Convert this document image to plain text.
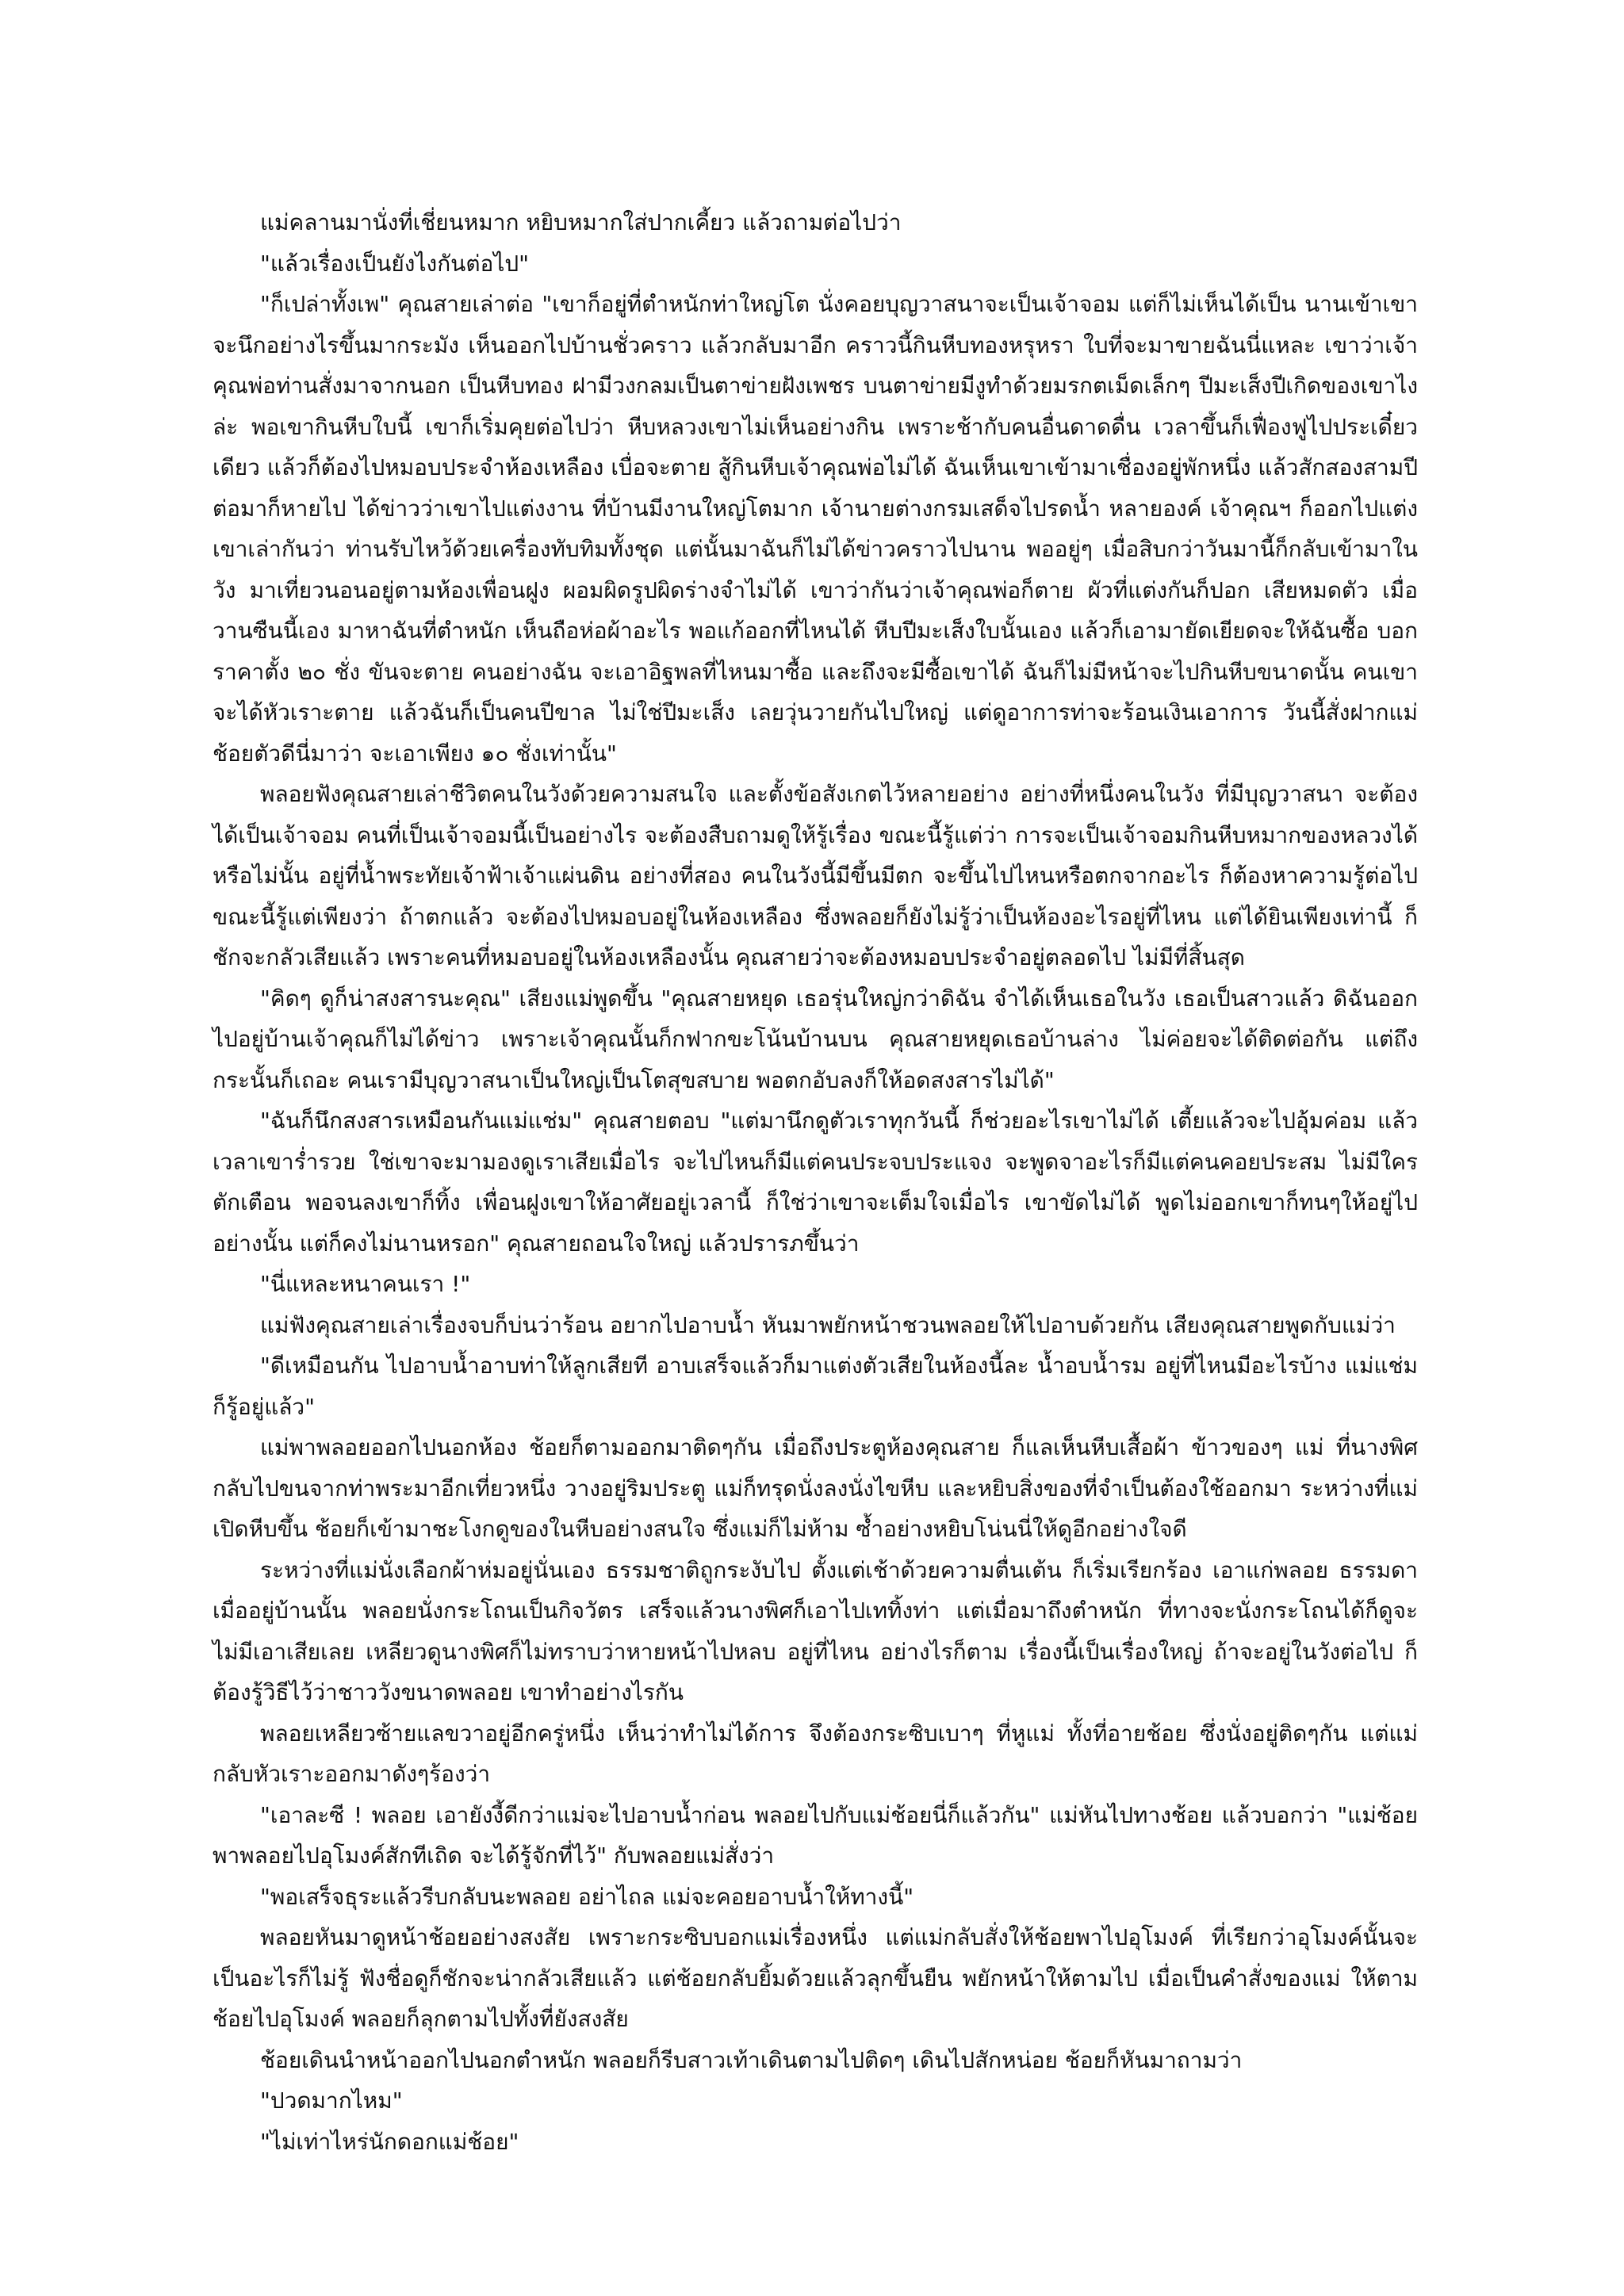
แม่คลานมานั่งที่เชี่ยนหมาก หยิบหมากใส่ปากเคี้ยว แล้วถามต่อไปว่า

"แล้วเรื่องเป็นยังไงกันต่อไป"

"ก็เปล่าทั้งเพ" คุณสายเล่าต่อ "เขาก็อยู่ที่ตำหนักท่าใหญ่โต นั่งคอยบุญวาสนาจะเป็นเจ้าจอม แต่ก็ไม่เห็นได้เป็น นานเข้าเขาจะนึกอย่างไรขึ้นมากระมัง เห็นออกไปบ้านชั่วคราว แล้วกลับมาอีก คราวนี้กินหีบทองหรุหรา ใบที่จะมาขายฉันนี่แหละ เขาว่าเจ้าคุณพ่อท่านสั่งมาจากนอก เป็นหีบทอง ฝามีวงกลมเป็นตาข่ายฝังเพชร บนตาข่ายมีงูทำด้วยมรกตเม็ดเล็กๆ ปีมะเส็งปีเกิดของเขาไงล่ะ พอเขากินหีบใบนี้ เขาก็เริ่มคุยต่อไปว่า หีบหลวงเขาไม่เห็นอย่างกิน เพราะช้ากับคนอื่นดาดดื่น เวลาขึ้นก็เฟื่องฟูไปประเดี๋ยวเดียว แล้วก็ต้องไปหมอบประจำห้องเหลือง เบื่อจะตาย สู้กินหีบเจ้าคุณพ่อไม่ได้ ฉันเห็นเขาเข้ามาเชื่องอยู่พักหนึ่ง แล้วสักสองสามปีต่อมาก็หายไป ได้ข่าวว่าเขาไปแต่งงาน ที่บ้านมีงานใหญ่โตมาก เจ้านายต่างกรมเสด็จไปรดน้ำ หลายองค์ เจ้าคุณฯ ก็ออกไปแต่ง เขาเล่ากันว่า ท่านรับไหว้ด้วยเครื่องทับทิมทั้งชุด แต่นั้นมาฉันก็ไม่ได้ข่าวคราวไปนาน พออยู่ๆ เมื่อสิบกว่าวันมานี้ก็กลับเข้ามาในวัง มาเที่ยวนอนอยู่ตามห้องเพื่อนฝูง ผอมผิดรูปผิดร่างจำไม่ได้ เขาว่ากันว่าเจ้าคุณพ่อก็ตาย ผัวที่แต่งกันก็ปอก เสียหมดตัว เมื่อวานซืนนี้เอง มาหาฉันที่ตำหนัก เห็นถือห่อผ้าอะไร พอแก้ออกที่ไหนได้ หีบปีมะเส็งใบนั้นเอง แล้วก็เอามายัดเยียดจะให้ฉันซื้อ บอกราคาตั้ง ๒๐ ชั่ง ขันจะตาย คนอย่างฉัน จะเอาอิฐพลที่ไหนมาซื้อ และถึงจะมีซื้อเขาได้ ฉันก็ไม่มีหน้าจะไปกินหีบขนาดนั้น คนเขาจะได้หัวเราะตาย แล้วฉันก็เป็นคนปีขาล ไม่ใช่ปีมะเส็ง เลยวุ่นวายกันไปใหญ่ แต่ดูอาการท่าจะร้อนเงินเอาการ วันนี้สั่งฝากแม่ช้อยตัวดีนี่มาว่า จะเอาเพียง ๑๐ ชั่งเท่านั้น"

พลอยฟังคุณสายเล่าชีวิตคนในวังด้วยความสนใจ และตั้งข้อสังเกตไว้หลายอย่าง อย่างที่หนึ่งคนในวัง ที่มีบุญวาสนา จะต้องได้เป็นเจ้าจอม คนที่เป็นเจ้าจอมนี้เป็นอย่างไร จะต้องสืบถามดูให้รู้เรื่อง ขณะนี้รู้แต่ว่า การจะเป็นเจ้าจอมกินหีบหมากของหลวงได้หรือไม่นั้น อยู่ที่น้ำพระทัยเจ้าฟ้าเจ้าแผ่นดิน อย่างที่สอง คนในวังนี้มีขึ้นมีตก จะขึ้นไปไหนหรือตกจากอะไร ก็ต้องหาความรู้ต่อไป ขณะนี้รู้แต่เพียงว่า ถ้าตกแล้ว จะต้องไปหมอบอยู่ในห้องเหลือง ซึ่งพลอยก็ยังไม่รู้ว่าเป็นห้องอะไรอยู่ที่ไหน แต่ได้ยินเพียงเท่านี้ ก็ชักจะกลัวเสียแล้ว เพราะคนที่หมอบอยู่ในห้องเหลืองนั้น คุณสายว่าจะต้องหมอบประจำอยู่ตลอดไป ไม่มีที่สิ้นสุด

"คิดๆ ดูก็น่าสงสารนะคุณ" เสียงแม่พูดขึ้น "คุณสายหยุด เธอรุ่นใหญ่กว่าดิฉัน จำได้เห็นเธอในวัง เธอเป็นสาวแล้ว ดิฉันออกไปอยู่บ้านเจ้าคุณก็ไม่ได้ข่าว เพราะเจ้าคุณนั้นก็กฟากขะโน้นบ้านบน คุณสายหยุดเธอบ้านล่าง ไม่ค่อยจะได้ติดต่อกัน แต่ถึงกระนั้นก็เถอะ คนเรามีบุญวาสนาเป็นใหญ่เป็นโตสุขสบาย พอตกอับลงก็ให้อดสงสารไม่ได้"

"ฉันก็นึกสงสารเหมือนกันแม่แช่ม" คุณสายตอบ "แต่มานึกดูตัวเราทุกวันนี้ ก็ช่วยอะไรเขาไม่ได้ เตี้ยแล้วจะไปอุ้มค่อม แล้วเวลาเขาร่ำรวย ใช่เขาจะมามองดูเราเสียเมื่อไร จะไปไหนก็มีแต่คนประจบประแจง จะพูดจาอะไรก็มีแต่คนคอยประสม ไม่มีใครตักเตือน พอจนลงเขาก็ทิ้ง เพื่อนฝูงเขาให้อาศัยอยู่เวลานี้ ก็ใช่ว่าเขาจะเต็มใจเมื่อไร เขาขัดไม่ได้ พูดไม่ออกเขาก็ทนๆให้อยู่ไปอย่างนั้น แต่ก็คงไม่นานหรอก" คุณสายถอนใจใหญ่ แล้วปรารภขึ้นว่า

"นี่แหละหนาคนเรา !"

แม่ฟังคุณสายเล่าเรื่องจบก็บ่นว่าร้อน อยากไปอาบน้ำ หันมาพยักหน้าชวนพลอยให้ไปอาบด้วยกัน เสียงคุณสายพูดกับแม่ว่า

"ดีเหมือนกัน ไปอาบน้ำอาบท่าให้ลูกเสียที อาบเสร็จแล้วก็มาแต่งตัวเสียในห้องนี้ละ น้ำอบน้ำรม อยู่ที่ไหนมีอะไรบ้าง แม่แช่มก็รู้อยู่แล้ว"

แม่พาพลอยออกไปนอกห้อง ช้อยก็ตามออกมาติดๆกัน เมื่อถึงประตูห้องคุณสาย ก็แลเห็นหีบเสื้อผ้า ข้าวของๆ แม่ ที่นางพิศกลับไปขนจากท่าพระมาอีกเที่ยวหนึ่ง วางอยู่ริมประตู แม่ก็ทรุดนั่งลงนั่งไขหีบ และหยิบสิ่งของที่จำเป็นต้องใช้ออกมา ระหว่างที่แม่เปิดหีบขึ้น ช้อยก็เข้ามาชะโงกดูของในหีบอย่างสนใจ ซึ่งแม่ก็ไม่ห้าม ซ้ำอย่างหยิบโน่นนี่ให้ดูอีกอย่างใจดี

ระหว่างที่แม่นั่งเลือกผ้าห่มอยู่นั่นเอง ธรรมชาติถูกระงับไป ตั้งแต่เช้าด้วยความตื่นเต้น ก็เริ่มเรียกร้อง เอาแก่พลอย ธรรมดาเมื่ออยู่บ้านนั้น พลอยนั่งกระโถนเป็นกิจวัตร เสร็จแล้วนางพิศก็เอาไปเททิ้งท่า แต่เมื่อมาถึงตำหนัก ที่ทางจะนั่งกระโถนได้ก็ดูจะไม่มีเอาเสียเลย เหลียวดูนางพิศก็ไม่ทราบว่าหายหน้าไปหลบ อยู่ที่ไหน อย่างไรก็ตาม เรื่องนี้เป็นเรื่องใหญ่ ถ้าจะอยู่ในวังต่อไป ก็ต้องรู้วิธีไว้ว่าชาววังขนาดพลอย เขาทำอย่างไรกัน

พลอยเหลียวซ้ายแลขวาอยู่อีกครู่หนึ่ง เห็นว่าทำไม่ได้การ จึงต้องกระซิบเบาๆ ที่หูแม่ ทั้งที่อายช้อย ซึ่งนั่งอยู่ติดๆกัน แต่แม่กลับหัวเราะออกมาดังๆร้องว่า

"เอาละซี ! พลอย เอายังงี้ดีกว่าแม่จะไปอาบน้ำก่อน พลอยไปกับแม่ช้อยนี่ก็แล้วกัน" แม่หันไปทางช้อย แล้วบอกว่า "แม่ช้อยพาพลอยไปอุโมงค์สักทีเถิด จะได้รู้จักที่ไว้" กับพลอยแม่สั่งว่า

"พอเสร็จธุระแล้วรีบกลับนะพลอย อย่าไถล แม่จะคอยอาบน้ำให้ทางนี้"

พลอยหันมาดูหน้าช้อยอย่างสงสัย เพราะกระซิบบอกแม่เรื่องหนึ่ง แต่แม่กลับสั่งให้ช้อยพาไปอุโมงค์ ที่เรียกว่าอุโมงค์นั้นจะเป็นอะไรก็ไม่รู้ ฟังชื่อดูก็ชักจะน่ากลัวเสียแล้ว แต่ช้อยกลับยิ้มด้วยแล้วลุกขึ้นยืน พยักหน้าให้ตามไป เมื่อเป็นคำสั่งของแม่ ให้ตามช้อยไปอุโมงค์ พลอยก็ลุกตามไปทั้งที่ยังสงสัย

ช้อยเดินนำหน้าออกไปนอกตำหนัก พลอยก็รีบสาวเท้าเดินตามไปติดๆ เดินไปสักหน่อย ช้อยก็หันมาถามว่า

"ปวดมากไหม"

"ไม่เท่าไหร่นักดอกแม่ช้อย"
